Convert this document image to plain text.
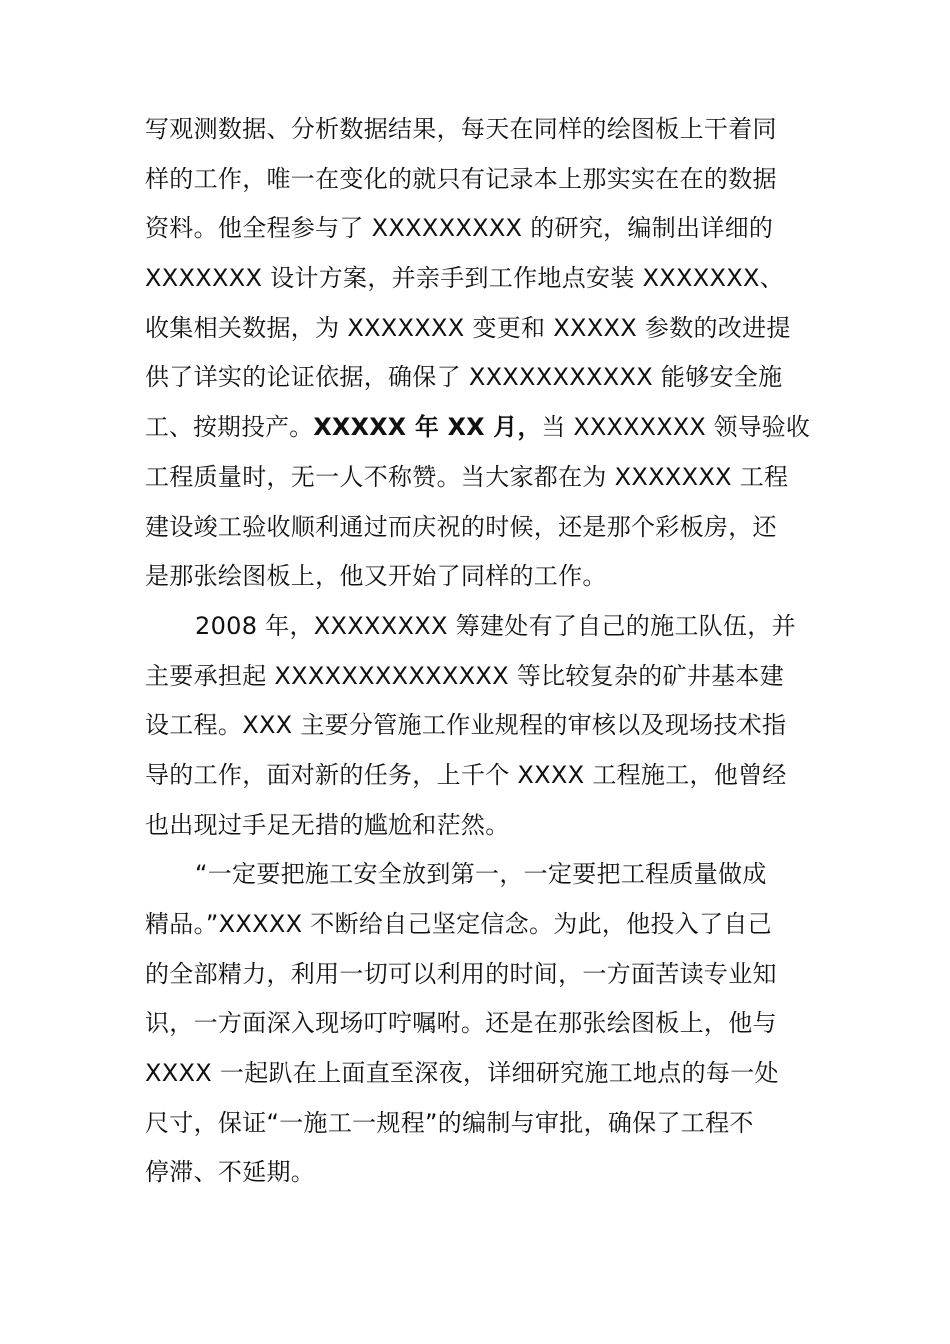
写观测数据、分析数据结果，每天在同样的绘图板上干着同
样的工作，唯一在变化的就只有记录本上那实实在在的数据
资料。他全程参与了 XXXXXXXXX 的研究，编制出详细的
XXXXXXX 设计方案，并亲手到工作地点安装 XXXXXXX、
收集相关数据，为 XXXXXXX 变更和 XXXXX 参数的改进提
供了详实的论证依据，确保了 XXXXXXXXXXX 能够安全施
工、按期投产。XXXXX 年 XX 月，当 XXXXXXXX 领导验收
工程质量时，无一人不称赞。当大家都在为 XXXXXXX 工程
建设竣工验收顺利通过而庆祝的时候，还是那个彩板房，还
是那张绘图板上，他又开始了同样的工作。
2008 年，XXXXXXXX 筹建处有了自己的施工队伍，并
主要承担起 XXXXXXXXXXXXXX 等比较复杂的矿井基本建
设工程。XXX 主要分管施工作业规程的审核以及现场技术指
导的工作，面对新的任务，上千个 XXXX 工程施工，他曾经
也出现过手足无措的尴尬和茫然。
“一定要把施工安全放到第一，一定要把工程质量做成
精品。”XXXXX 不断给自己坚定信念。为此，他投入了自己
的全部精力，利用一切可以利用的时间，一方面苦读专业知
识，一方面深入现场叮咛嘱咐。还是在那张绘图板上，他与
XXXX 一起趴在上面直至深夜，详细研究施工地点的每一处
尺寸，保证“一施工一规程”的编制与审批，确保了工程不
停滞、不延期。
